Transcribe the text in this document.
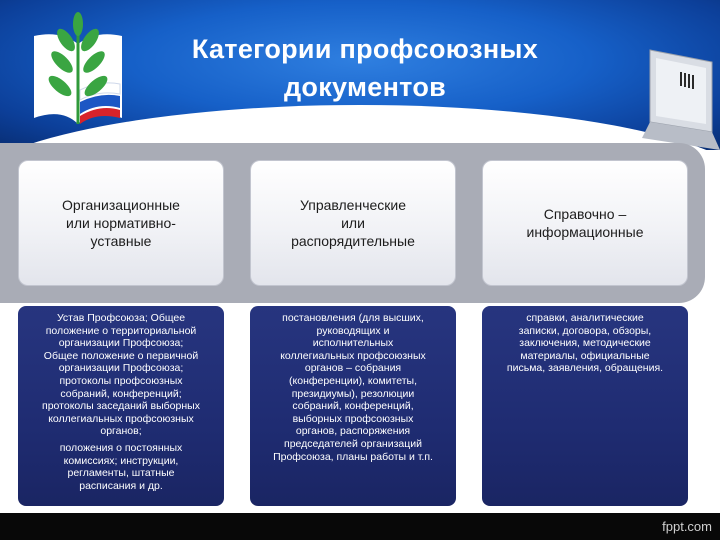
Категории профсоюзных
документов
Организационные
или нормативно-
уставные
Управленческие
или
распорядительные
Справочно –
информационные

Устав Профсоюза; Общее
положение о территориальной
организации Профсоюза;
Общее положение о первичной
организации Профсоюза;
протоколы профсоюзных
собраний, конференций;
протоколы заседаний выборных
коллегиальных профсоюзных
органов;

положения о постоянных
комиссиях; инструкции,
регламенты, штатные
расписания и др.

постановления (для высших,
руководящих и
исполнительных
коллегиальных профсоюзных
органов – собрания
(конференции), комитеты,
президиумы), резолюции
собраний, конференций,
выборных профсоюзных
органов, распоряжения
председателей организаций
Профсоюза, планы работы и т.п.

справки, аналитические
записки, договора, обзоры,
заключения, методические
материалы, официальные
письма, заявления, обращения.

fppt.com
